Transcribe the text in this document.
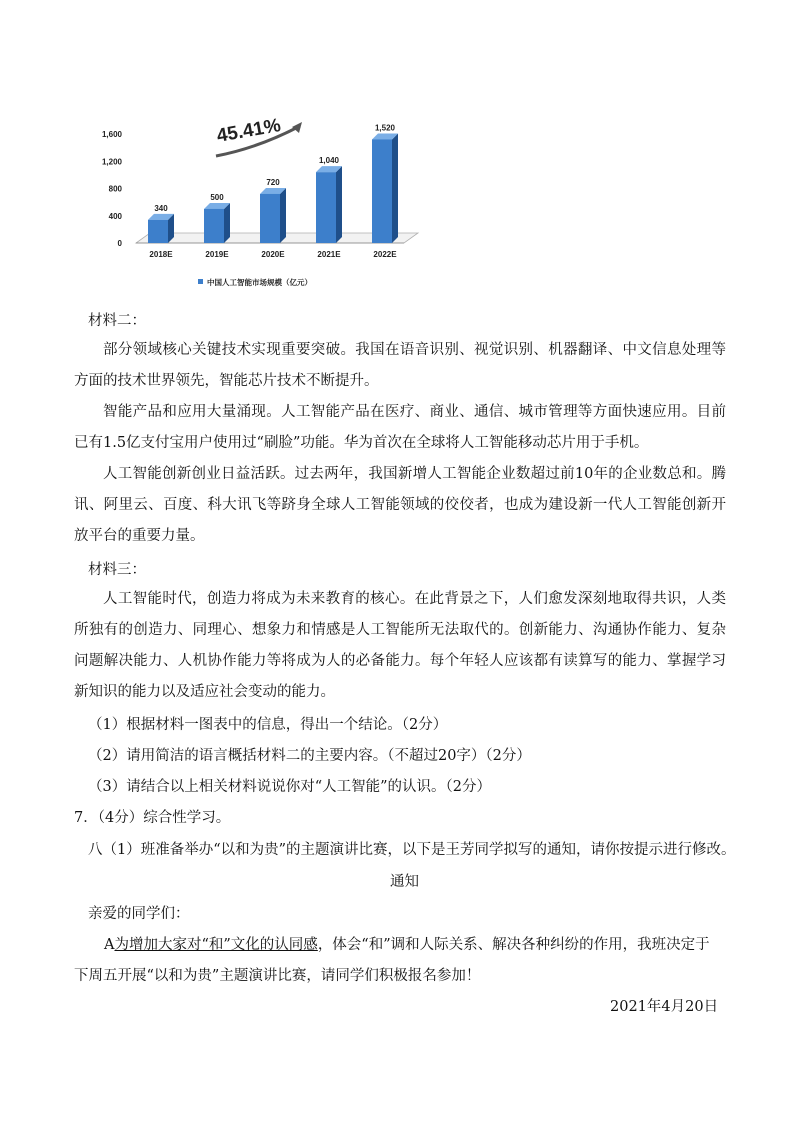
0
400
800
1,200
1,600
340
2018E
500
2019E
720
2020E
1,040
2021E
1,520
2022E
45.41%
中国人工智能市场规模（亿元）

材料二：

部分领域核心关键技术实现重要突破。我国在语音识别、视觉识别、机器翻译、中文信息处理等方面的技术世界领先，智能芯片技术不断提升。

智能产品和应用大量涌现。人工智能产品在医疗、商业、通信、城市管理等方面快速应用。目前已有1.5亿支付宝用户使用过“刷脸”功能。华为首次在全球将人工智能移动芯片用于手机。

人工智能创新创业日益活跃。过去两年，我国新增人工智能企业数超过前10年的企业数总和。腾讯、阿里云、百度、科大讯飞等跻身全球人工智能领域的佼佼者，也成为建设新一代人工智能创新开放平台的重要力量。

材料三：

人工智能时代，创造力将成为未来教育的核心。在此背景之下，人们愈发深刻地取得共识，人类所独有的创造力、同理心、想象力和情感是人工智能所无法取代的。创新能力、沟通协作能力、复杂问题解决能力、人机协作能力等将成为人的必备能力。每个年轻人应该都有读算写的能力、掌握学习新知识的能力以及适应社会变动的能力。

（1）根据材料一图表中的信息，得出一个结论。（2分）

（2）请用简洁的语言概括材料二的主要内容。（不超过20字）（2分）

（3）请结合以上相关材料说说你对“人工智能”的认识。（2分）

7．（4分）综合性学习。

八（1）班准备举办“以和为贵”的主题演讲比赛，以下是王芳同学拟写的通知，请你按提示进行修改。

通知

亲爱的同学们：

A为增加大家对“和”文化的认同感，体会“和”调和人际关系、解决各种纠纷的作用，我班决定于

下周五开展“以和为贵”主题演讲比赛，请同学们积极报名参加！

2021年4月20日
